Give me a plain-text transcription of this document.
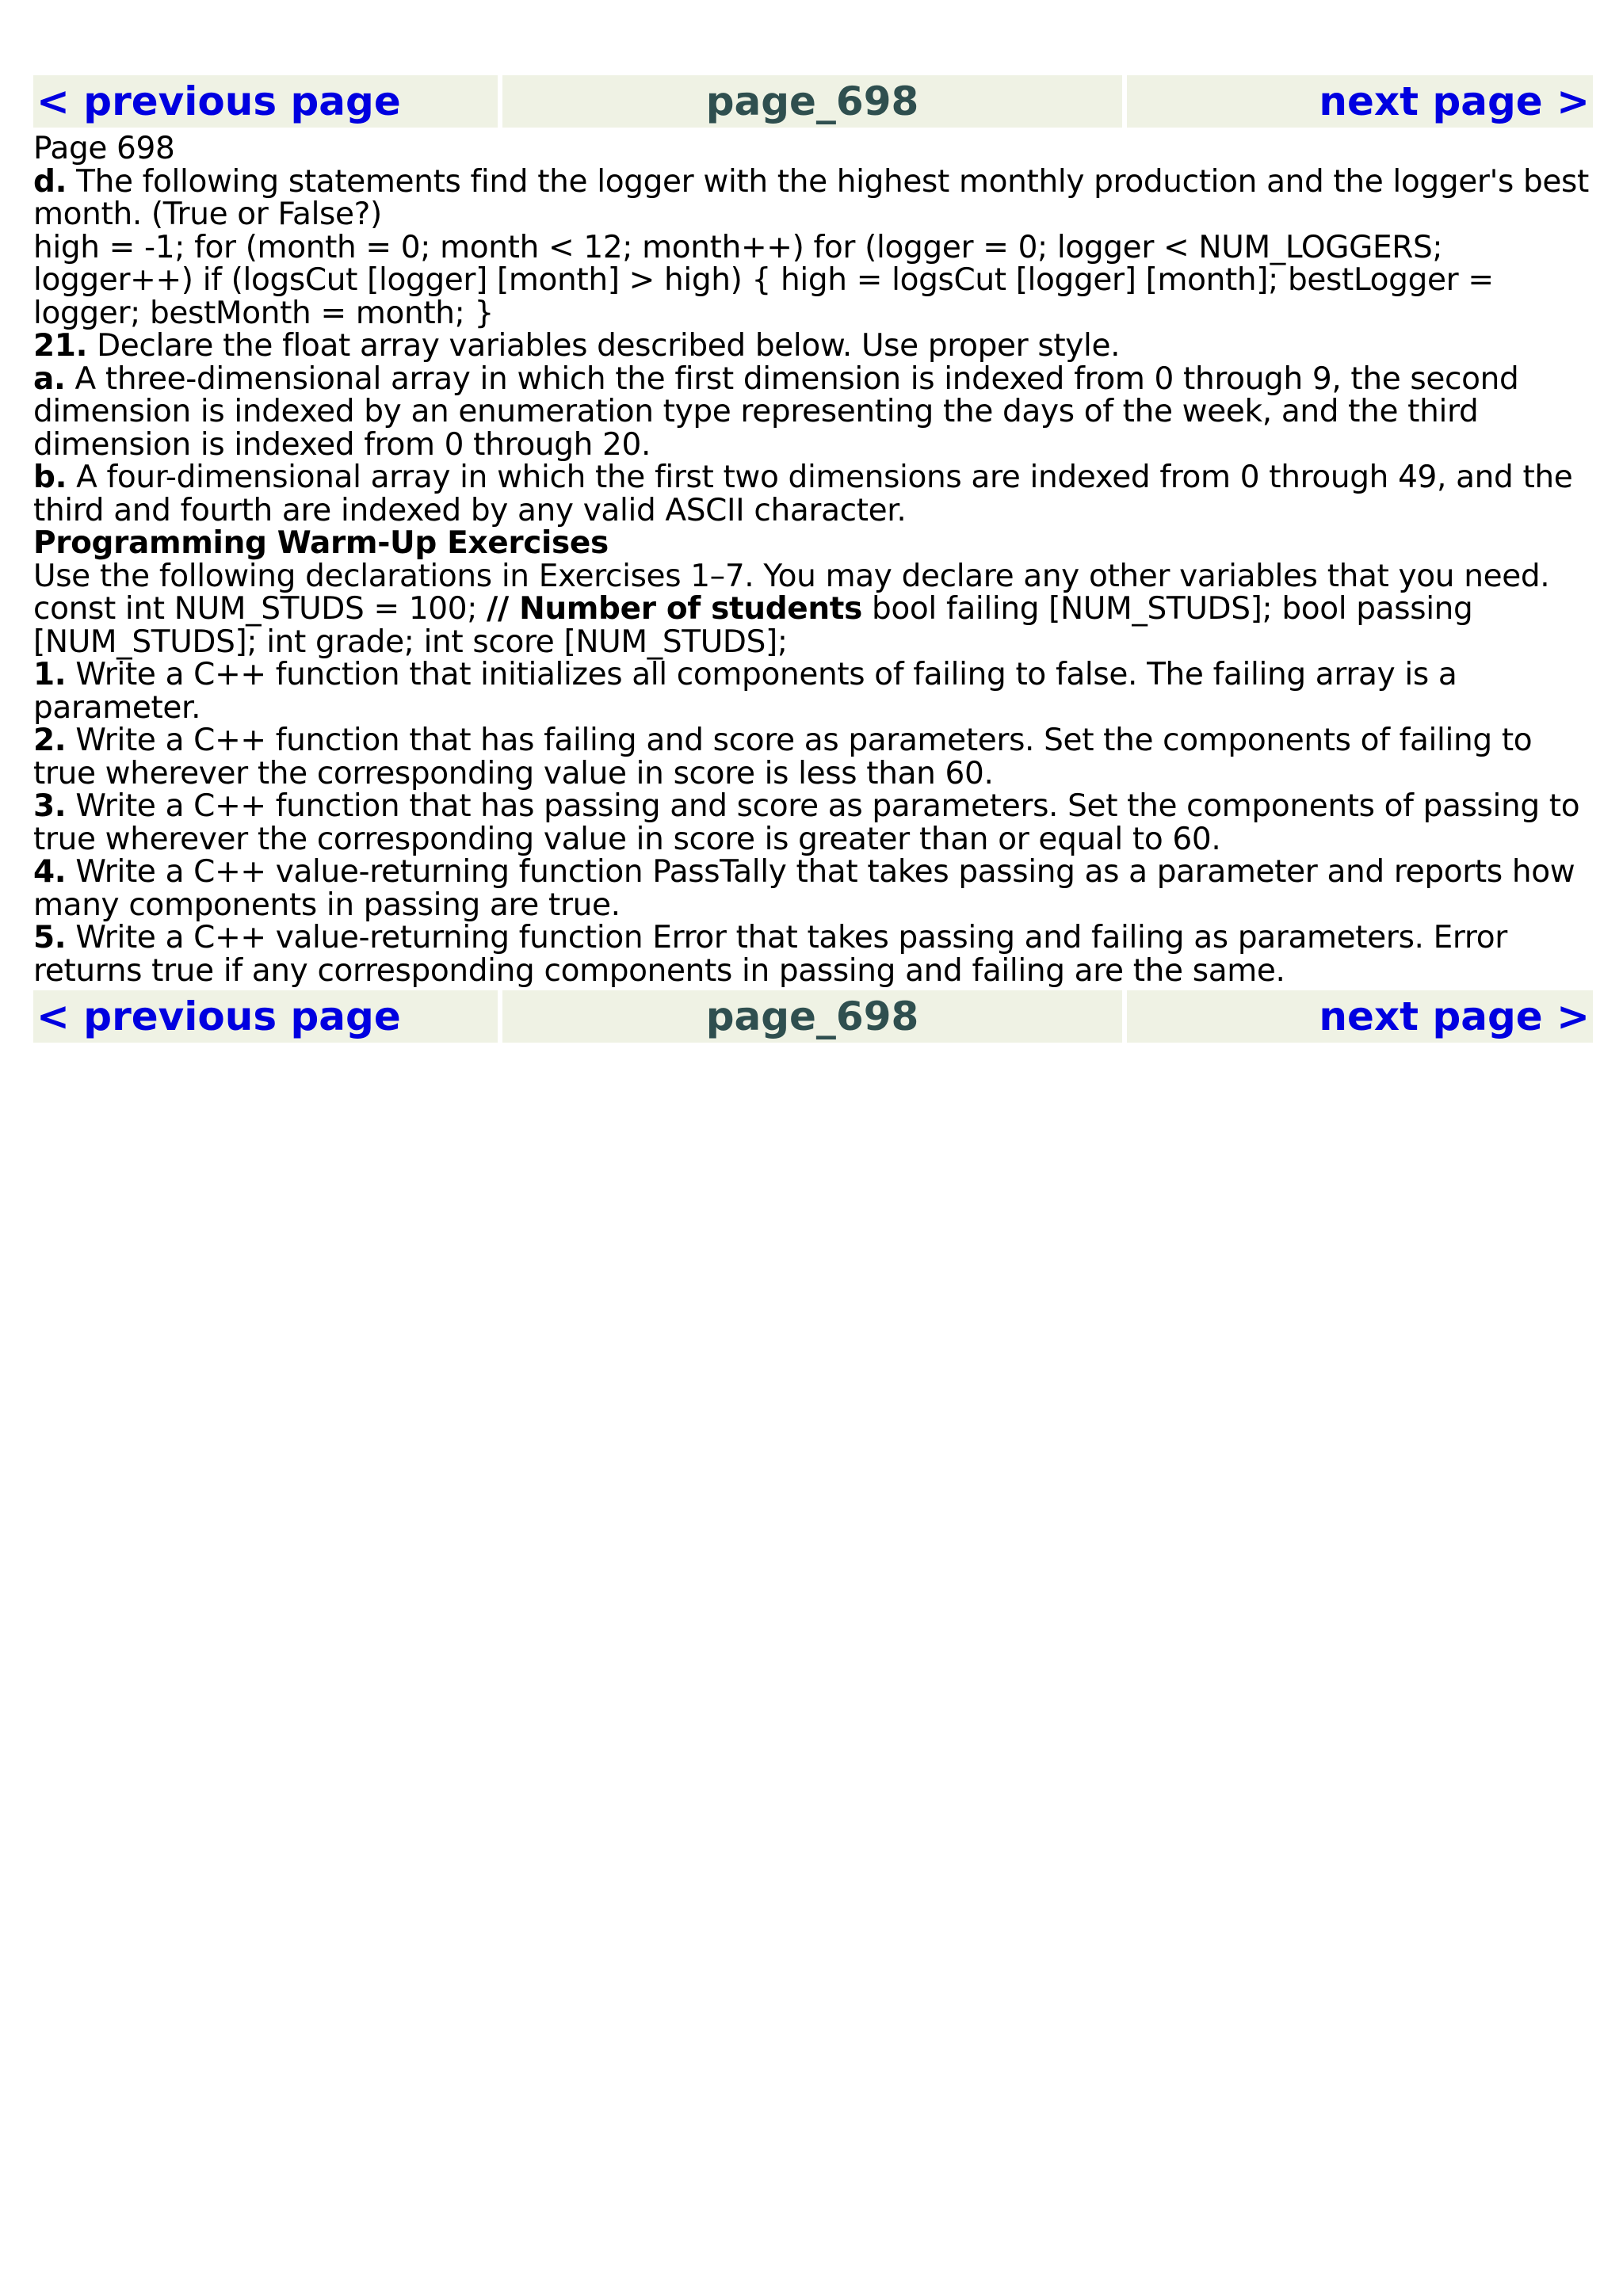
< previous page	page_698	next page >

Page 698

d. The following statements find the logger with the highest monthly production and the logger's best month. (True or False?)

high = -1; for (month = 0; month < 12; month++) for (logger = 0; logger < NUM_LOGGERS; logger++) if (logsCut [logger] [month] > high) { high = logsCut [logger] [month]; bestLogger = logger; bestMonth = month; }

21. Declare the float array variables described below. Use proper style.

a. A three-dimensional array in which the first dimension is indexed from 0 through 9, the second dimension is indexed by an enumeration type representing the days of the week, and the third dimension is indexed from 0 through 20.

b. A four-dimensional array in which the first two dimensions are indexed from 0 through 49, and the third and fourth are indexed by any valid ASCII character.

Programming Warm-Up Exercises

Use the following declarations in Exercises 1–7. You may declare any other variables that you need.

const int NUM_STUDS = 100; // Number of students bool failing [NUM_STUDS]; bool passing [NUM_STUDS]; int grade; int score [NUM_STUDS];

1. Write a C++ function that initializes all components of failing to false. The failing array is a parameter.

2. Write a C++ function that has failing and score as parameters. Set the components of failing to true wherever the corresponding value in score is less than 60.

3. Write a C++ function that has passing and score as parameters. Set the components of passing to true wherever the corresponding value in score is greater than or equal to 60.

4. Write a C++ value-returning function PassTally that takes passing as a parameter and reports how many components in passing are true.

5. Write a C++ value-returning function Error that takes passing and failing as parameters. Error returns true if any corresponding components in passing and failing are the same.

< previous page	page_698	next page >
